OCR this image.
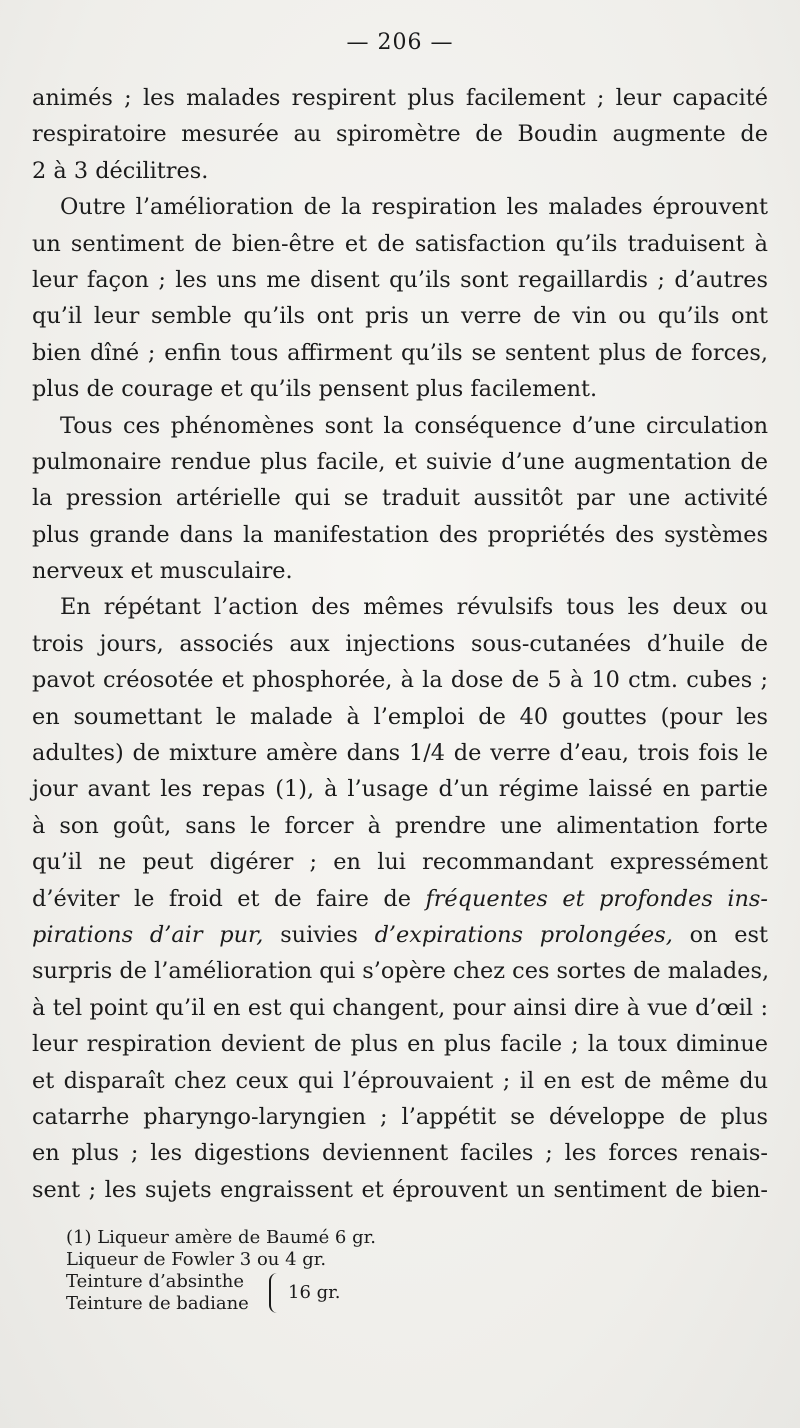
— 206 —
animés ; les malades respirent plus facilement ; leur capacité
respiratoire mesurée au spiromètre de Boudin augmente de
2 à 3 décilitres.
Outre l’amélioration de la respiration les malades éprouvent
un sentiment de bien-être et de satisfaction qu’ils traduisent à
leur façon ; les uns me disent qu’ils sont regaillardis ; d’autres
qu’il leur semble qu’ils ont pris un verre de vin ou qu’ils ont
bien dîné ; enfin tous affirment qu’ils se sentent plus de forces,
plus de courage et qu’ils pensent plus facilement.
Tous ces phénomènes sont la conséquence d’une circulation
pulmonaire rendue plus facile, et suivie d’une augmentation de
la pression artérielle qui se traduit aussitôt par une activité
plus grande dans la manifestation des propriétés des systèmes
nerveux et musculaire.
En répétant l’action des mêmes révulsifs tous les deux ou
trois jours, associés aux injections sous-cutanées d’huile de
pavot créosotée et phosphorée, à la dose de 5 à 10 ctm. cubes ;
en soumettant le malade à l’emploi de 40 gouttes (pour les
adultes) de mixture amère dans 1/4 de verre d’eau, trois fois le
jour avant les repas (1), à l’usage d’un régime laissé en partie
à son goût, sans le forcer à prendre une alimentation forte
qu’il ne peut digérer ; en lui recommandant expressément
d’éviter le froid et de faire de fréquentes et profondes ins-
pirations d’air pur, suivies d’expirations prolongées, on est
surpris de l’amélioration qui s’opère chez ces sortes de malades,
à tel point qu’il en est qui changent, pour ainsi dire à vue d’œil :
leur respiration devient de plus en plus facile ; la toux diminue
et disparaît chez ceux qui l’éprouvaient ; il en est de même du
catarrhe pharyngo-laryngien ; l’appétit se développe de plus
en plus ; les digestions deviennent faciles ; les forces renais-
sent ; les sujets engraissent et éprouvent un sentiment de bien-
(1) Liqueur amère de Baumé 6 gr.
Liqueur de Fowler 3 ou 4 gr.
Teinture d’absinthe
Teinture de badiane
16 gr.
